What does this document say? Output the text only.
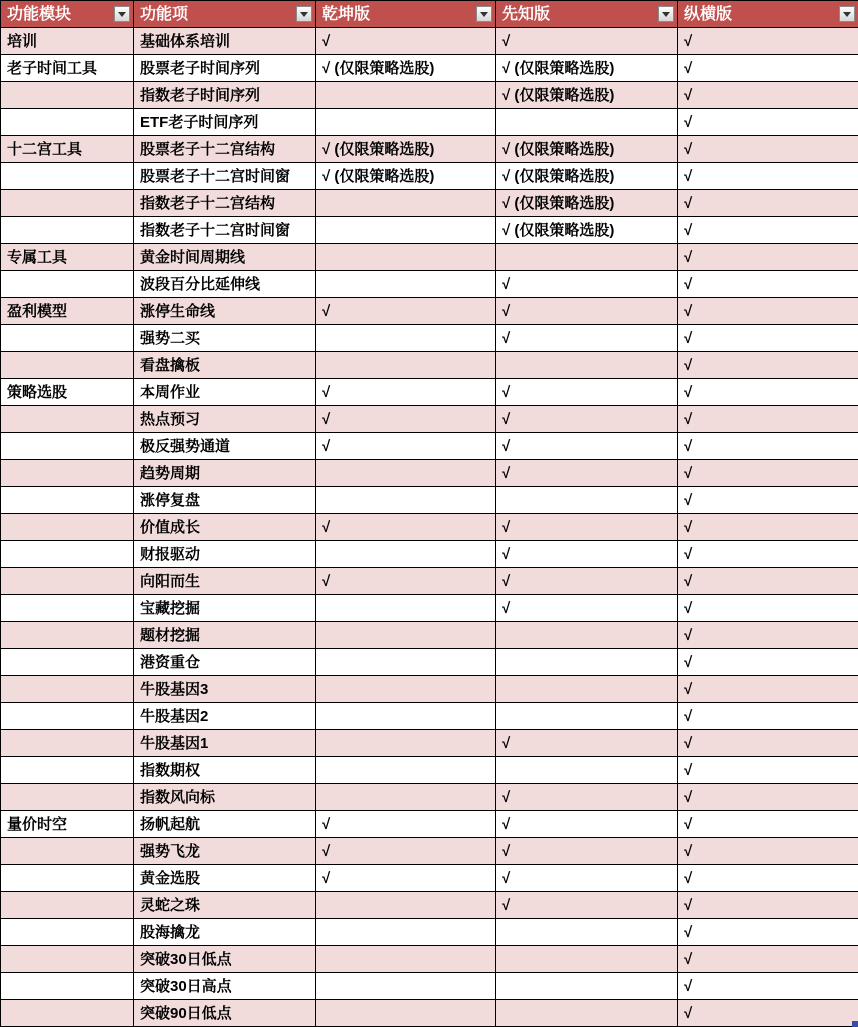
功能模块	功能项	乾坤版	先知版	纵横版

培训	基础体系培训	√	√	√
老子时间工具	股票老子时间序列	√ (仅限策略选股)	√ (仅限策略选股)	√
	指数老子时间序列		√ (仅限策略选股)	√
	ETF老子时间序列			√
十二宫工具	股票老子十二宫结构	√ (仅限策略选股)	√ (仅限策略选股)	√
	股票老子十二宫时间窗	√ (仅限策略选股)	√ (仅限策略选股)	√
	指数老子十二宫结构		√ (仅限策略选股)	√
	指数老子十二宫时间窗		√ (仅限策略选股)	√
专属工具	黄金时间周期线			√
	波段百分比延伸线		√	√
盈利模型	涨停生命线	√	√	√
	强势二买		√	√
	看盘擒板			√
策略选股	本周作业	√	√	√
	热点预习	√	√	√
	极反强势通道	√	√	√
	趋势周期		√	√
	涨停复盘			√
	价值成长	√	√	√
	财报驱动		√	√
	向阳而生	√	√	√
	宝藏挖掘		√	√
	题材挖掘			√
	港资重仓			√
	牛股基因3			√
	牛股基因2			√
	牛股基因1		√	√
	指数期权			√
	指数风向标		√	√
量价时空	扬帆起航	√	√	√
	强势飞龙	√	√	√
	黄金选股	√	√	√
	灵蛇之珠		√	√
	股海擒龙			√
	突破30日低点			√
	突破30日高点			√
	突破90日低点			√
